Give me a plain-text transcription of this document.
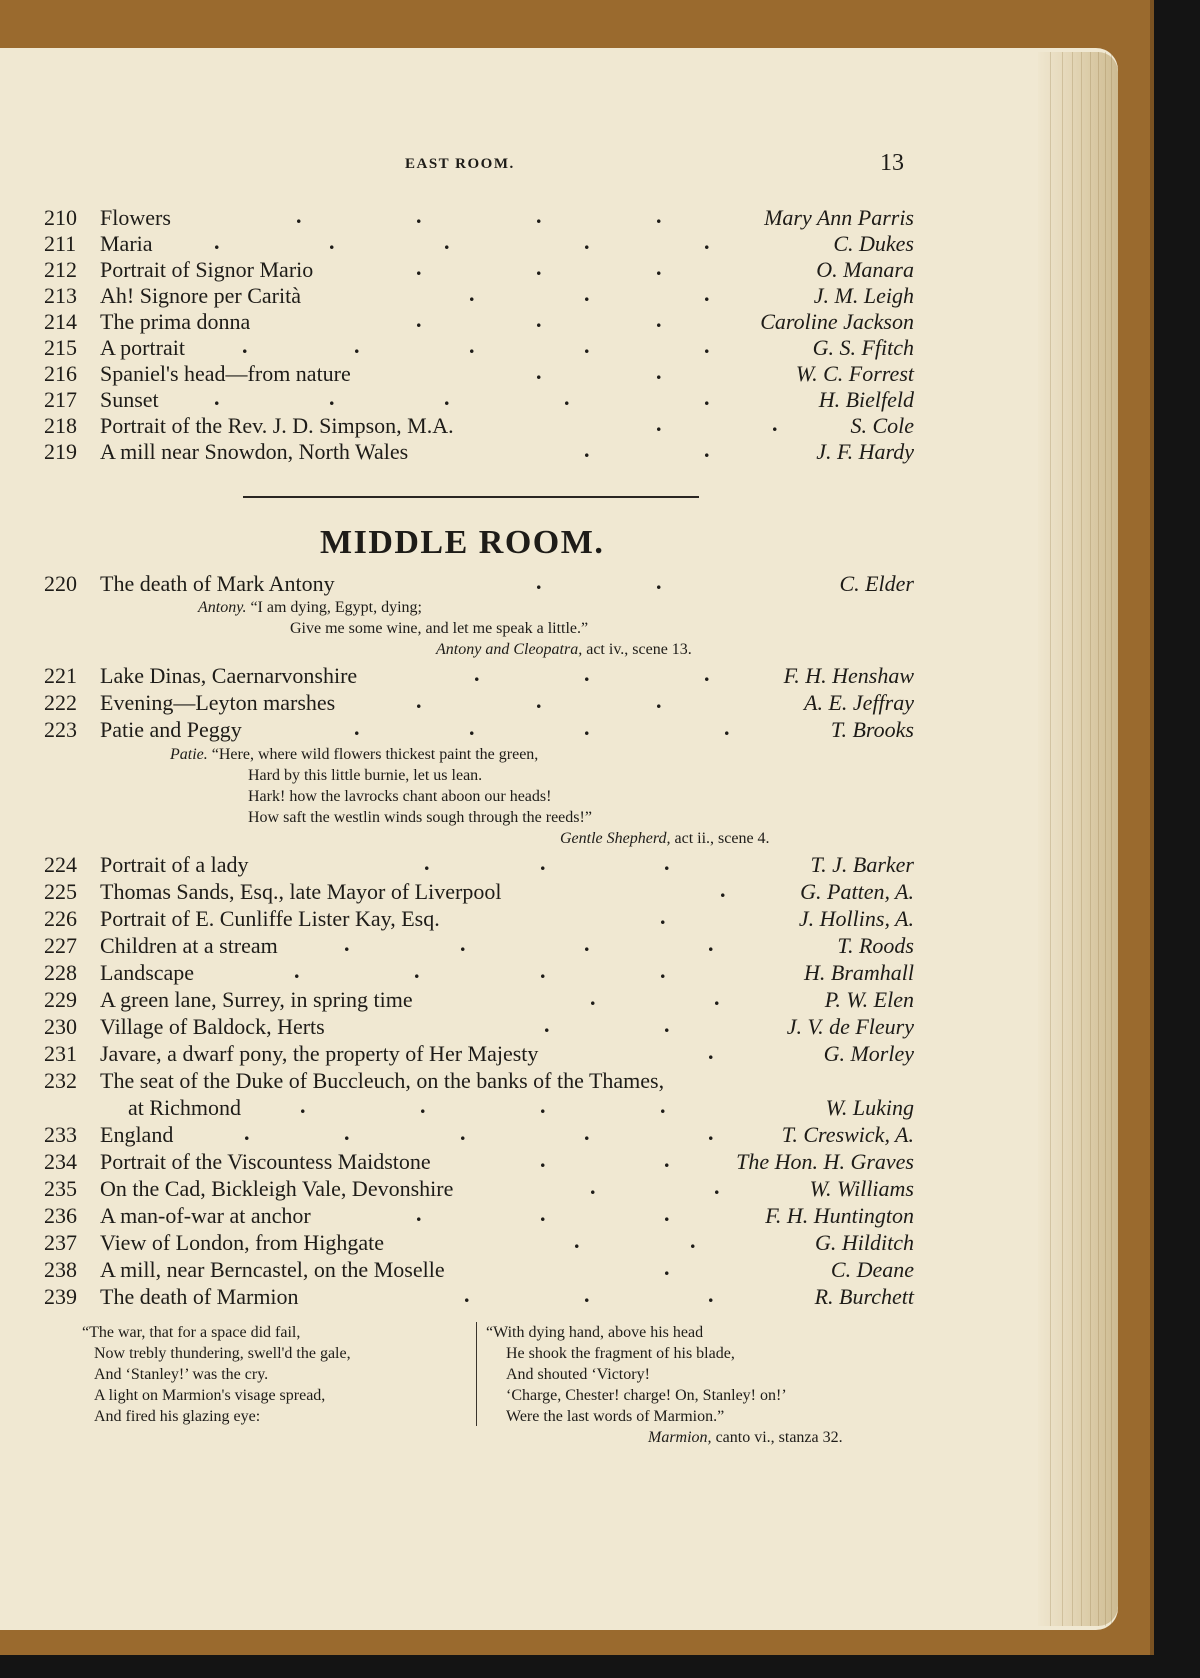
EAST ROOM.	13
210	Flowers	.	.	.	.	Mary Ann Parris
211	Maria	.	.	.	.	.	C. Dukes
212	Portrait of Signor Mario	.	.	.	O. Manara
213	Ah! Signore per Carità	.	.	.	J. M. Leigh
214	The prima donna	.	.	.	Caroline Jackson
215	A portrait	.	.	.	.	.	G. S. Ffitch
216	Spaniel's head—from nature	.	.	W. C. Forrest
217	Sunset	.	.	.	.	.	H. Bielfeld
218	Portrait of the Rev. J. D. Simpson, M.A.	.	.	S. Cole
219	A mill near Snowdon, North Wales	.	.	J. F. Hardy
MIDDLE ROOM.
220	The death of Mark Antony	.	.	C. Elder
Antony. “I am dying, Egypt, dying;
Give me some wine, and let me speak a little.”
Antony and Cleopatra, act iv., scene 13.
221	Lake Dinas, Caernarvonshire	.	.	.	F. H. Henshaw
222	Evening—Leyton marshes	.	.	.	A. E. Jeffray
223	Patie and Peggy	.	.	.	.	T. Brooks
Patie. “Here, where wild flowers thickest paint the green,
Hard by this little burnie, let us lean.
Hark! how the lavrocks chant aboon our heads!
How saft the westlin winds sough through the reeds!”
Gentle Shepherd, act ii., scene 4.
224	Portrait of a lady	.	.	.	T. J. Barker
225	Thomas Sands, Esq., late Mayor of Liverpool	.	G. Patten, A.
226	Portrait of E. Cunliffe Lister Kay, Esq.	.	J. Hollins, A.
227	Children at a stream	.	.	.	.	T. Roods
228	Landscape	.	.	.	.	H. Bramhall
229	A green lane, Surrey, in spring time	.	.	P. W. Elen
230	Village of Baldock, Herts	.	.	J. V. de Fleury
231	Javare, a dwarf pony, the property of Her Majesty	.	G. Morley
232	The seat of the Duke of Buccleuch, on the banks of the Thames,
at Richmond	.	.	.	.	W. Luking
233	England	.	.	.	.	.	T. Creswick, A.
234	Portrait of the Viscountess Maidstone	.	.	The Hon. H. Graves
235	On the Cad, Bickleigh Vale, Devonshire	.	.	W. Williams
236	A man-of-war at anchor	.	.	.	F. H. Huntington
237	View of London, from Highgate	.	.	G. Hilditch
238	A mill, near Berncastel, on the Moselle	.	C. Deane
239	The death of Marmion	.	.	.	R. Burchett
“The war, that for a space did fail,
Now trebly thundering, swell'd the gale,
And ‘Stanley!’ was the cry.
A light on Marmion's visage spread,
And fired his glazing eye:
“With dying hand, above his head
He shook the fragment of his blade,
And shouted ‘Victory!
‘Charge, Chester! charge! On, Stanley! on!’
Were the last words of Marmion.”
Marmion, canto vi., stanza 32.
